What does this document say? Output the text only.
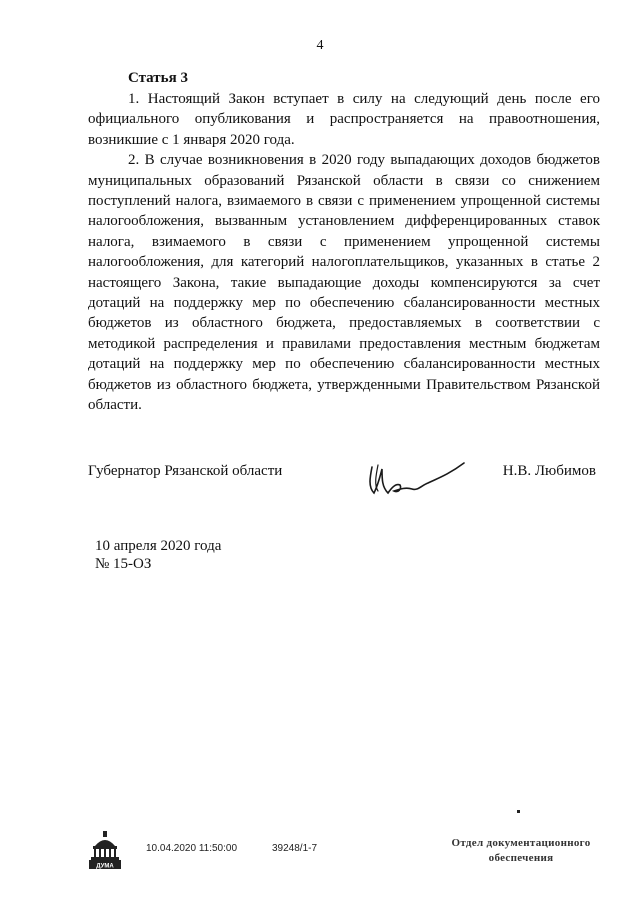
4

Статья 3

1. Настоящий Закон вступает в силу на следующий день после его официального опубликования и распространяется на правоотношения, возникшие с 1 января 2020 года.

2. В случае возникновения в 2020 году выпадающих доходов бюджетов муниципальных образований Рязанской области в связи со снижением поступлений налога, взимаемого в связи с применением упрощенной системы налогообложения, вызванным установлением дифференцированных ставок налога, взимаемого в связи с применением упрощенной системы налогообложения, для категорий налогоплательщиков, указанных в статье 2 настоящего Закона, такие выпадающие доходы компенсируются за счет дотаций на поддержку мер по обеспечению сбалансированности местных бюджетов из областного бюджета, предоставляемых в соответствии с методикой распределения и правилами предоставления местным бюджетам дотаций на поддержку мер по обеспечению сбалансированности местных бюджетов из областного бюджета, утвержденными Правительством Рязанской области.

Губернатор Рязанской области	Н.В. Любимов
10 апреля 2020 года
№ 15-ОЗ
ДУМА
10.04.2020 11:50:00	39248/1-7	Отдел документационного
обеспечения
